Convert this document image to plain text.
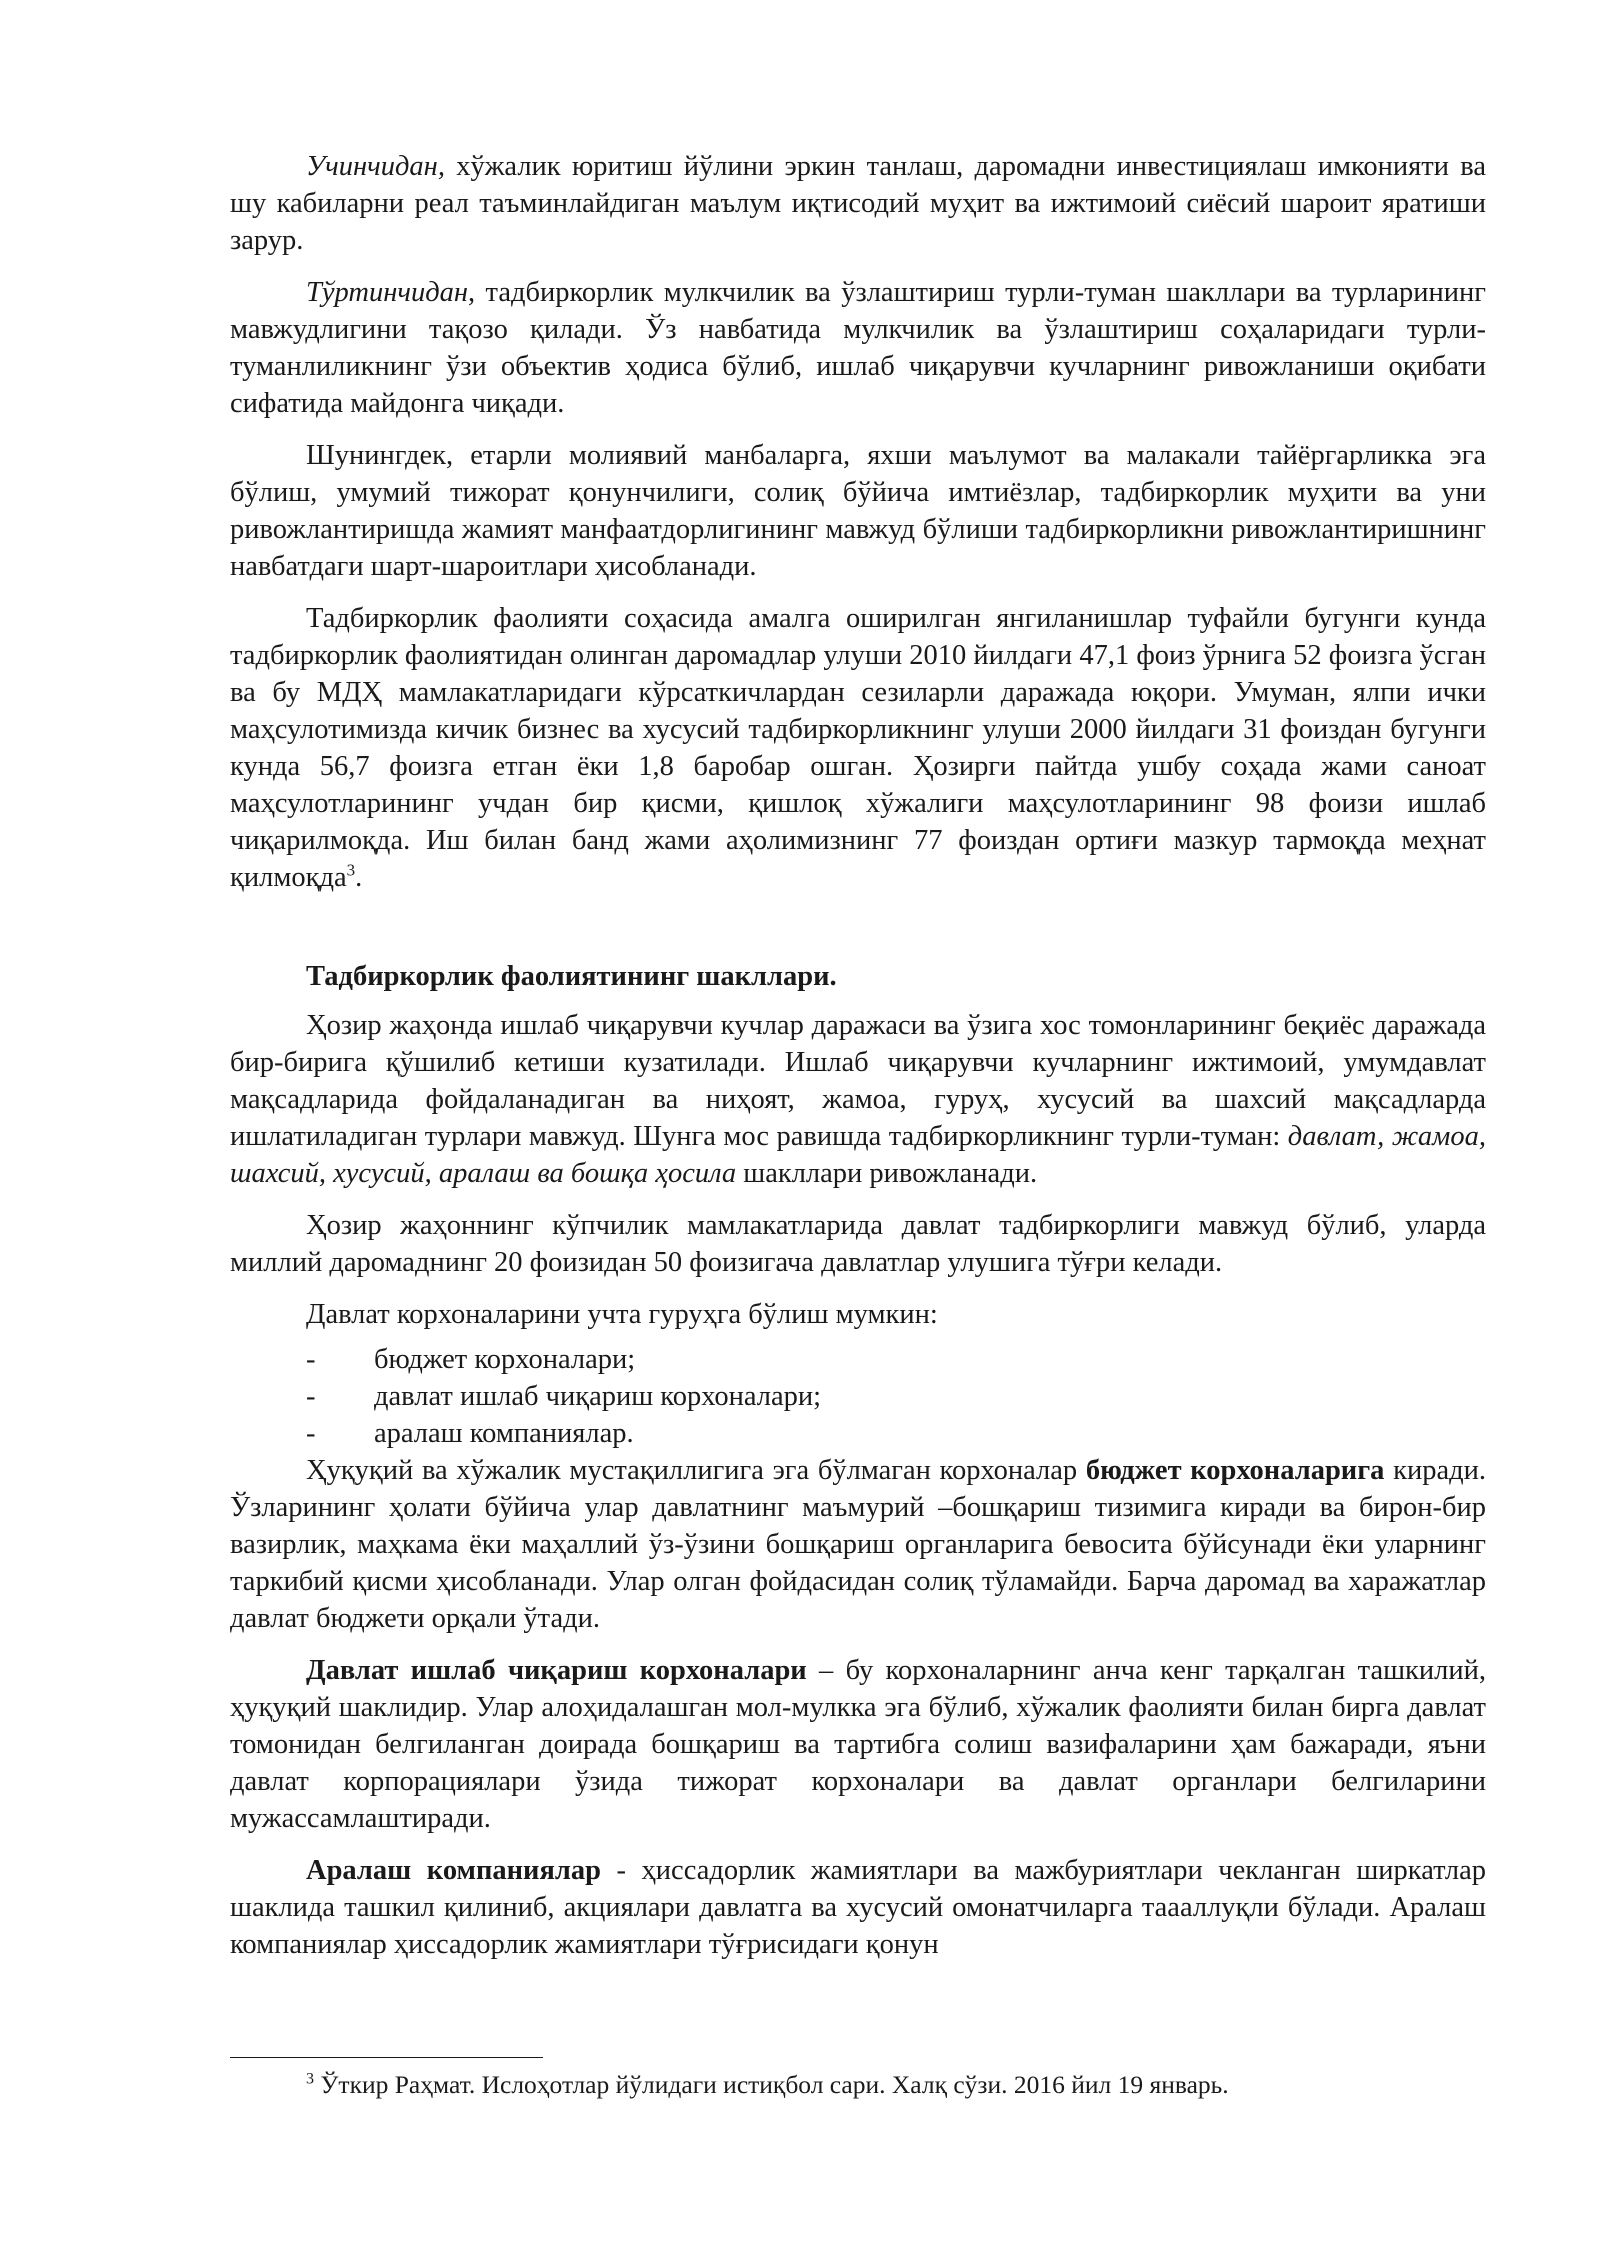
Учинчидан, хўжалик юритиш йўлини эркин танлаш, даромадни инвестициялаш имконияти ва шу кабиларни реал таъминлайдиган маълум иқтисодий муҳит ва ижтимоий сиёсий шароит яратиши зарур.

Тўртинчидан, тадбиркорлик мулкчилик ва ўзлаштириш турли-туман шакллари ва турларининг мавжудлигини тақозо қилади. Ўз навбатида мулкчилик ва ўзлаштириш соҳаларидаги турли-туманлиликнинг ўзи объектив ҳодиса бўлиб, ишлаб чиқарувчи кучларнинг ривожланиши оқибати сифатида майдонга чиқади.

Шунингдек, етарли молиявий манбаларга, яхши маълумот ва малакали тайёргарликка эга бўлиш, умумий тижорат қонунчилиги, солиқ бўйича имтиёзлар, тадбиркорлик муҳити ва уни ривожлантиришда жамият манфаатдорлигининг мавжуд бўлиши тадбиркорликни ривожлантиришнинг навбатдаги шарт-шароитлари ҳисобланади.

Тадбиркорлик фаолияти соҳасида амалга оширилган янгиланишлар туфайли бугунги кунда тадбиркорлик фаолиятидан олинган даромадлар улуши 2010 йилдаги 47,1 фоиз ўрнига 52 фоизга ўсган ва бу МДҲ мамлакатларидаги кўрсаткичлардан сезиларли даражада юқори. Умуман, ялпи ички маҳсулотимизда кичик бизнес ва хусусий тадбиркорликнинг улуши 2000 йилдаги 31 фоиздан бугунги кунда 56,7 фоизга етган ёки 1,8 баробар ошган. Ҳозирги пайтда ушбу соҳада жами саноат маҳсулотларининг учдан бир қисми, қишлоқ хўжалиги маҳсулотларининг 98 фоизи ишлаб чиқарилмоқда. Иш билан банд жами аҳолимизнинг 77 фоиздан ортиғи мазкур тармоқда меҳнат қилмоқда$^3$.

Тадбиркорлик фаолиятининг шакллари.

Ҳозир жаҳонда ишлаб чиқарувчи кучлар даражаси ва ўзига хос томонларининг беқиёс даражада бир-бирига қўшилиб кетиши кузатилади. Ишлаб чиқарувчи кучларнинг ижтимоий, умумдавлат мақсадларида фойдаланадиган ва ниҳоят, жамоа, гуруҳ, хусусий ва шахсий мақсадларда ишлатиладиган турлари мавжуд. Шунга мос равишда тадбиркорликнинг турли-туман: давлат, жамоа, шахсий, хусусий, аралаш ва бошқа ҳосила шакллари ривожланади.

Ҳозир жаҳоннинг кўпчилик мамлакатларида давлат тадбиркорлиги мавжуд бўлиб, уларда миллий даромаднинг 20 фоизидан 50 фоизигача давлатлар улушига тўғри келади.

Давлат корхоналарини учта гуруҳга бўлиш мумкин:

- бюджет корхоналари;
- давлат ишлаб чиқариш корхоналари;
- аралаш компаниялар.

Ҳуқуқий ва хўжалик мустақиллигига эга бўлмаган корхоналар бюджет корхоналарига киради. Ўзларининг ҳолати бўйича улар давлатнинг маъмурий –бошқариш тизимига киради ва бирон-бир вазирлик, маҳкама ёки маҳаллий ўз-ўзини бошқариш органларига бевосита бўйсунади ёки уларнинг таркибий қисми ҳисобланади. Улар олган фойдасидан солиқ тўламайди. Барча даромад ва харажатлар давлат бюджети орқали ўтади.

Давлат ишлаб чиқариш корхоналари – бу корхоналарнинг анча кенг тарқалган ташкилий, ҳуқуқий шаклидир. Улар алоҳидалашган мол-мулкка эга бўлиб, хўжалик фаолияти билан бирга давлат томонидан белгиланган доирада бошқариш ва тартибга солиш вазифаларини ҳам бажаради, яъни давлат корпорациялари ўзида тижорат корхоналари ва давлат органлари белгиларини мужассамлаштиради.

Аралаш компаниялар - ҳиссадорлик жамиятлари ва мажбуриятлари чекланган ширкатлар шаклида ташкил қилиниб, акциялари давлатга ва хусусий омонатчиларга таааллуқли бўлади. Аралаш компаниялар ҳиссадорлик жамиятлари тўғрисидаги қонун

$^3$ Ўткир Раҳмат. Ислоҳотлар йўлидаги истиқбол сари. Халқ сўзи. 2016 йил 19 январь.
